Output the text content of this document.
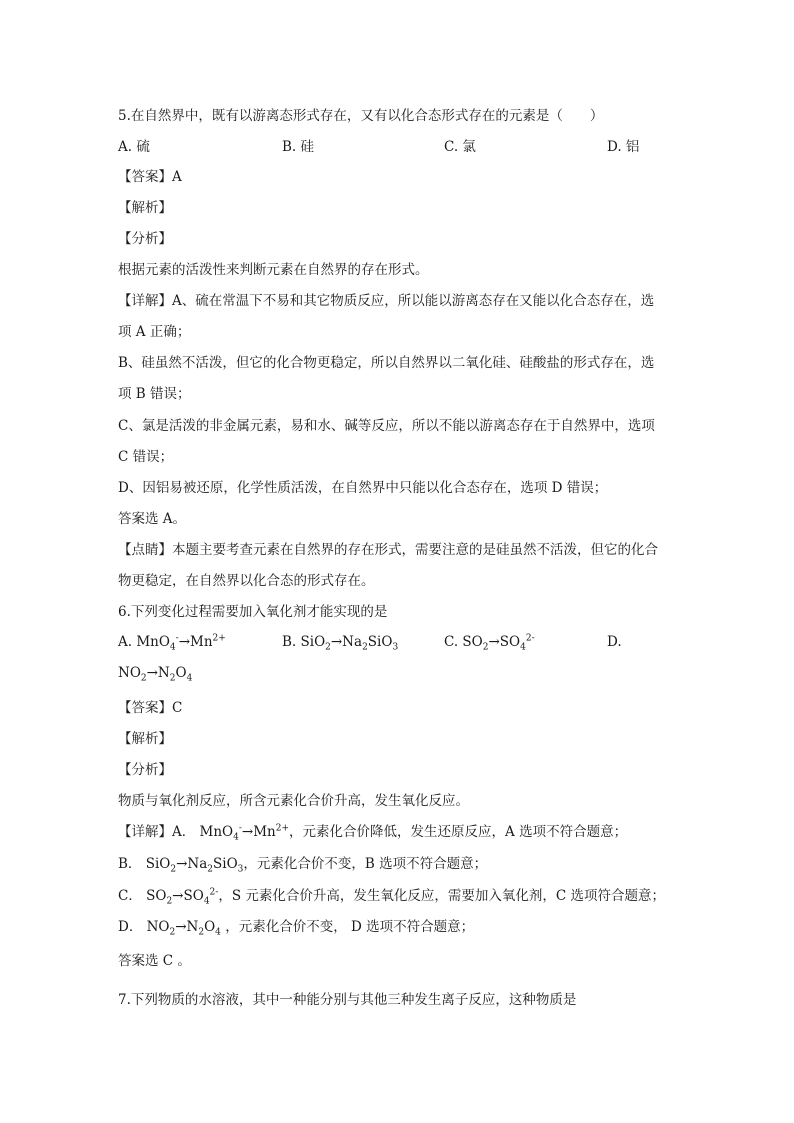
5.在自然界中，既有以游离态形式存在，又有以化合态形式存在的元素是（　　）
A. 硫	B. 硅	C. 氯	D. 铝
【答案】A
【解析】
【分析】
根据元素的活泼性来判断元素在自然界的存在形式。
【详解】A、硫在常温下不易和其它物质反应，所以能以游离态存在又能以化合态存在，选
项 A 正确；
B、硅虽然不活泼，但它的化合物更稳定，所以自然界以二氧化硅、硅酸盐的形式存在，选
项 B 错误；
C、氯是活泼的非金属元素，易和水、碱等反应，所以不能以游离态存在于自然界中，选项
C 错误；
D、因铝易被还原，化学性质活泼，在自然界中只能以化合态存在，选项 D 错误；
答案选 A。
【点睛】本题主要考查元素在自然界的存在形式，需要注意的是硅虽然不活泼，但它的化合
物更稳定，在自然界以化合态的形式存在。
6.下列变化过程需要加入氧化剂才能实现的是
A. $MnO_4^-\to Mn^{2+}$	B. $SiO_2\to Na_2SiO_3$	C. $SO_2\to SO_4^{2-}$	D.
$NO_2\to N_2O_4$
【答案】C
【解析】
【分析】
物质与氧化剂反应，所含元素化合价升高，发生氧化反应。
【详解】A． $MnO_4^-\to Mn^{2+}$，元素化合价降低，发生还原反应，A 选项不符合题意；
B． $SiO_2\to Na_2SiO_3$，元素化合价不变，B 选项不符合题意；
C． $SO_2\to SO_4^{2-}$，S 元素化合价升高，发生氧化反应，需要加入氧化剂，C 选项符合题意；
D． $NO_2\to N_2O_4$ ，元素化合价不变， D 选项不符合题意；
答案选 C 。
7.下列物质的水溶液，其中一种能分别与其他三种发生离子反应，这种物质是
